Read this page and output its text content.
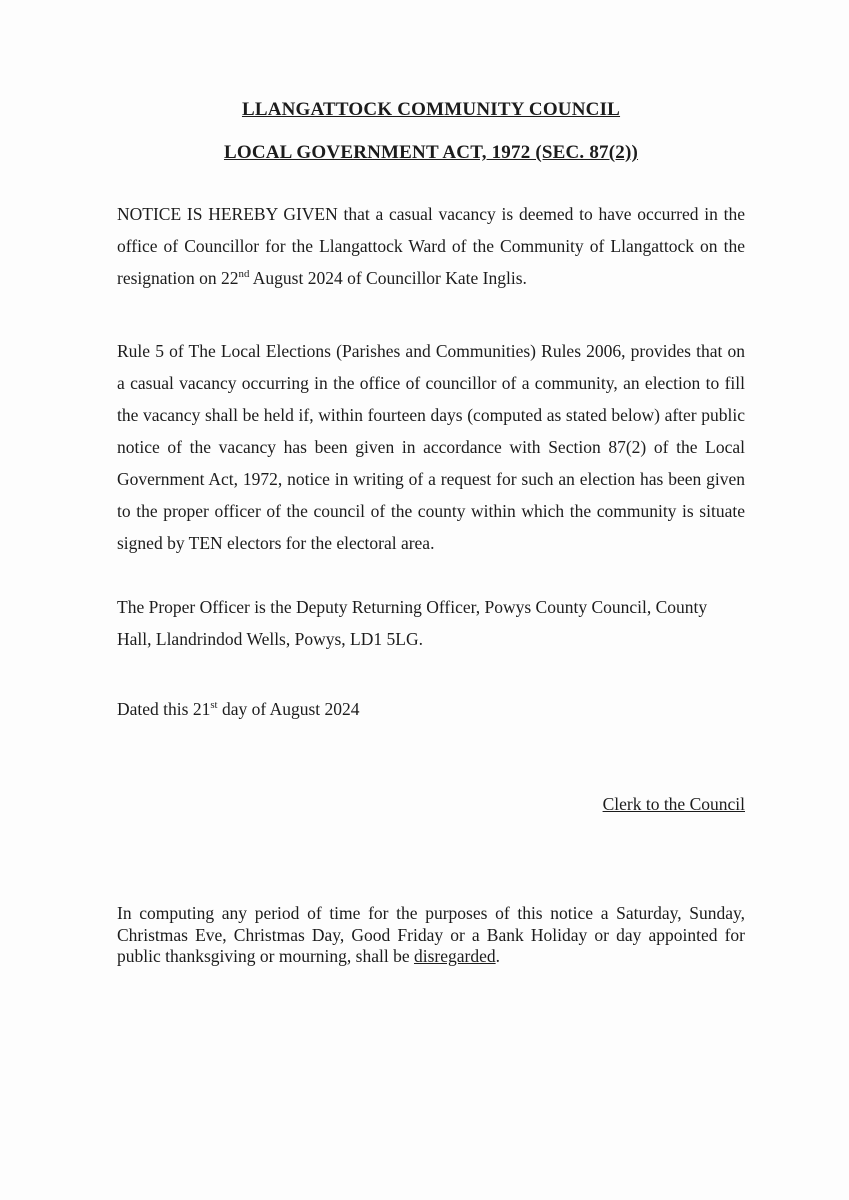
LLANGATTOCK COMMUNITY COUNCIL
LOCAL GOVERNMENT ACT, 1972 (SEC. 87(2))

NOTICE IS HEREBY GIVEN that a casual vacancy is deemed to have occurred in the office of Councillor for the Llangattock Ward of the Community of Llangattock on the resignation on 22nd August 2024 of Councillor Kate Inglis.

Rule 5 of The Local Elections (Parishes and Communities) Rules 2006, provides that on a casual vacancy occurring in the office of councillor of a community, an election to fill the vacancy shall be held if, within fourteen days (computed as stated below) after public notice of the vacancy has been given in accordance with Section 87(2) of the Local Government Act, 1972, notice in writing of a request for such an election has been given to the proper officer of the council of the county within which the community is situate signed by TEN electors for the electoral area.

The Proper Officer is the Deputy Returning Officer, Powys County Council, County Hall, Llandrindod Wells, Powys, LD1 5LG.

Dated this 21st day of August 2024

Clerk to the Council

In computing any period of time for the purposes of this notice a Saturday, Sunday, Christmas Eve, Christmas Day, Good Friday or a Bank Holiday or day appointed for public thanksgiving or mourning, shall be disregarded.
